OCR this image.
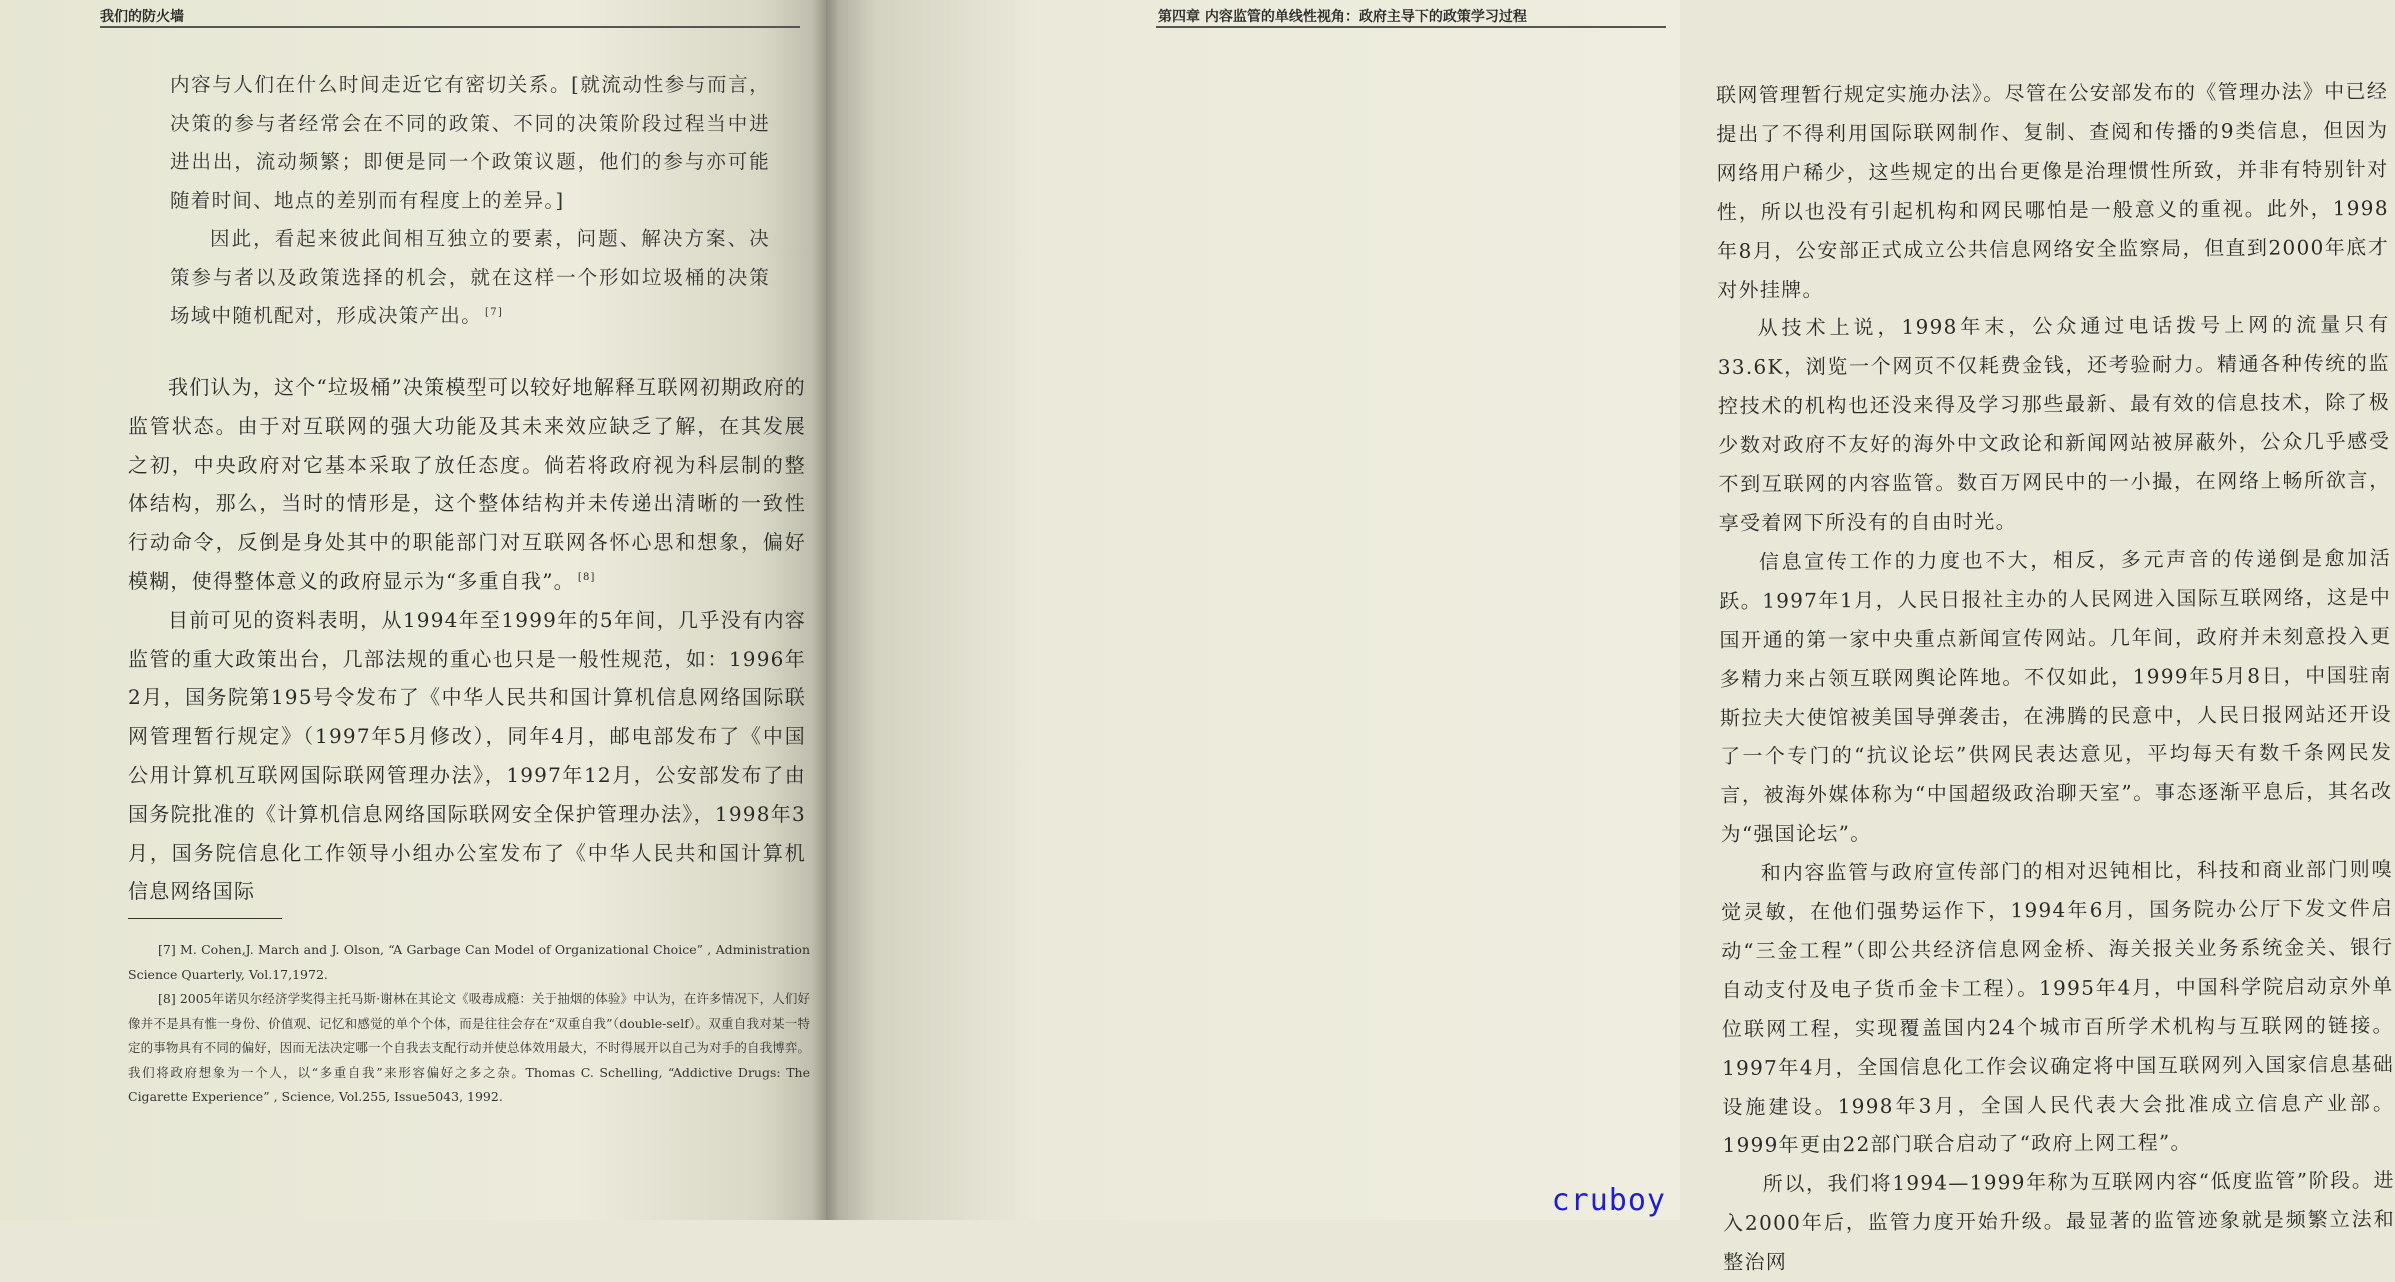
我们的防火墙

内容与人们在什么时间走近它有密切关系。[就流动性参与而言，决策的参与者经常会在不同的政策、不同的决策阶段过程当中进进出出，流动频繁；即便是同一个政策议题，他们的参与亦可能随着时间、地点的差别而有程度上的差异。]

因此，看起来彼此间相互独立的要素，问题、解决方案、决策参与者以及政策选择的机会，就在这样一个形如垃圾桶的决策场域中随机配对，形成决策产出。 [7]

我们认为，这个“垃圾桶”决策模型可以较好地解释互联网初期政府的监管状态。由于对互联网的强大功能及其未来效应缺乏了解，在其发展之初，中央政府对它基本采取了放任态度。倘若将政府视为科层制的整体结构，那么，当时的情形是，这个整体结构并未传递出清晰的一致性行动命令，反倒是身处其中的职能部门对互联网各怀心思和想象，偏好模糊，使得整体意义的政府显示为“多重自我”。 [8]

目前可见的资料表明，从1994年至1999年的5年间，几乎没有内容监管的重大政策出台，几部法规的重心也只是一般性规范，如：1996年2月，国务院第195号令发布了《中华人民共和国计算机信息网络国际联网管理暂行规定》（1997年5月修改），同年4月，邮电部发布了《中国公用计算机互联网国际联网管理办法》，1997年12月，公安部发布了由国务院批准的《计算机信息网络国际联网安全保护管理办法》，1998年3月，国务院信息化工作领导小组办公室发布了《中华人民共和国计算机信息网络国际

[7] M. Cohen,J. March and J. Olson, “A Garbage Can Model of Organizational Choice” , Administration Science Quarterly, Vol.17,1972.

[8] 2005年诺贝尔经济学奖得主托马斯·谢林在其论文《吸毒成瘾：关于抽烟的体验》中认为，在许多情况下，人们好像并不是具有惟一身份、价值观、记忆和感觉的单个个体，而是往往会存在“双重自我”（double-self）。双重自我对某一特定的事物具有不同的偏好，因而无法决定哪一个自我去支配行动并使总体效用最大，不时得展开以自己为对手的自我博弈。我们将政府想象为一个人，以“多重自我”来形容偏好之多之杂。Thomas C. Schelling, “Addictive Drugs: The Cigarette Experience” , Science, Vol.255, Issue5043, 1992.

第四章 内容监管的单线性视角：政府主导下的政策学习过程

联网管理暂行规定实施办法》。尽管在公安部发布的《管理办法》中已经提出了不得利用国际联网制作、复制、查阅和传播的9类信息，但因为网络用户稀少，这些规定的出台更像是治理惯性所致，并非有特别针对性，所以也没有引起机构和网民哪怕是一般意义的重视。此外，1998年8月，公安部正式成立公共信息网络安全监察局，但直到2000年底才对外挂牌。

从技术上说，1998年末，公众通过电话拨号上网的流量只有33.6K，浏览一个网页不仅耗费金钱，还考验耐力。精通各种传统的监控技术的机构也还没来得及学习那些最新、最有效的信息技术，除了极少数对政府不友好的海外中文政论和新闻网站被屏蔽外，公众几乎感受不到互联网的内容监管。数百万网民中的一小撮，在网络上畅所欲言，享受着网下所没有的自由时光。

信息宣传工作的力度也不大，相反，多元声音的传递倒是愈加活跃。1997年1月，人民日报社主办的人民网进入国际互联网络，这是中国开通的第一家中央重点新闻宣传网站。几年间，政府并未刻意投入更多精力来占领互联网舆论阵地。不仅如此，1999年5月8日，中国驻南斯拉夫大使馆被美国导弹袭击，在沸腾的民意中，人民日报网站还开设了一个专门的“抗议论坛”供网民表达意见，平均每天有数千条网民发言，被海外媒体称为“中国超级政治聊天室”。事态逐渐平息后，其名改为“强国论坛”。

和内容监管与政府宣传部门的相对迟钝相比，科技和商业部门则嗅觉灵敏，在他们强势运作下，1994年6月，国务院办公厅下发文件启动“三金工程”（即公共经济信息网金桥、海关报关业务系统金关、银行自动支付及电子货币金卡工程）。1995年4月，中国科学院启动京外单位联网工程，实现覆盖国内24个城市百所学术机构与互联网的链接。1997年4月，全国信息化工作会议确定将中国互联网列入国家信息基础设施建设。1998年3月，全国人民代表大会批准成立信息产业部。1999年更由22部门联合启动了“政府上网工程”。

所以，我们将1994—1999年称为互联网内容“低度监管”阶段。进入2000年后，监管力度开始升级。最显著的监管迹象就是频繁立法和整治网

cruboy
